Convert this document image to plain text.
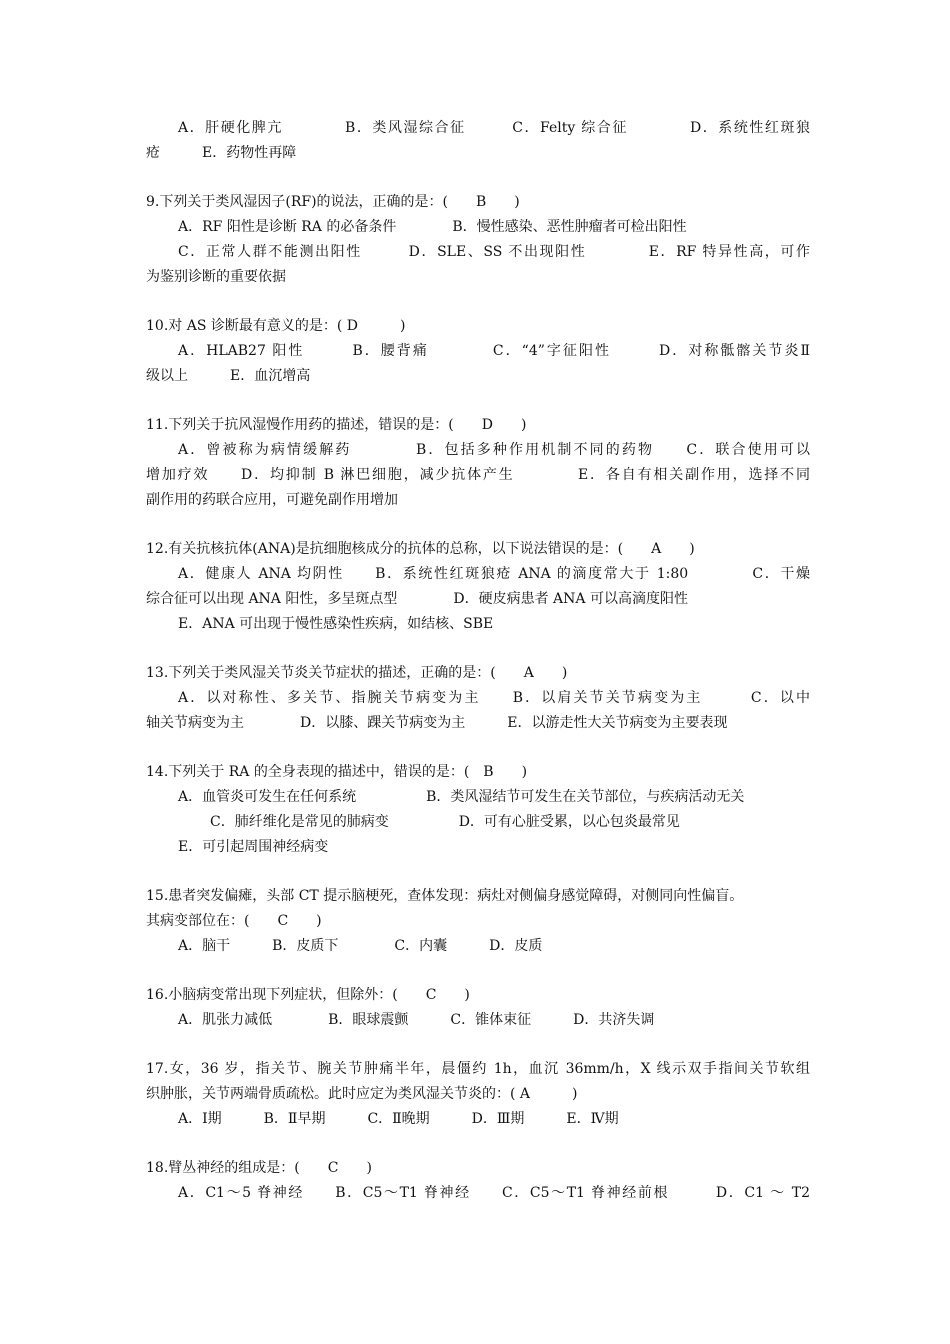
A．肝硬化脾亢　　　　B．类风湿综合征　　　C．Felty 综合征　　　　D．系统性红斑狼
疮　　　E．药物性再障
9.下列关于类风湿因子(RF)的说法，正确的是：(　　B　　)
A．RF 阳性是诊断 RA 的必备条件　　　　B．慢性感染、恶性肿瘤者可检出阳性
C．正常人群不能测出阳性　　　D．SLE、SS 不出现阳性　　　　E．RF 特异性高，可作
为鉴别诊断的重要依据
10.对 AS 诊断最有意义的是：( D　　　)
A．HLAB27 阳性　　　B．腰背痛　　　　C．“4”字征阳性　　　D．对称骶髂关节炎Ⅱ
级以上　　　E．血沉增高
11.下列关于抗风湿慢作用药的描述，错误的是：(　　D　　)
A．曾被称为病情缓解药　　　　B．包括多种作用机制不同的药物　　C．联合使用可以
增加疗效　　D．均抑制 B 淋巴细胞，减少抗体产生　　　　E．各自有相关副作用，选择不同
副作用的药联合应用，可避免副作用增加
12.有关抗核抗体(ANA)是抗细胞核成分的抗体的总称，以下说法错误的是：(　　A　　)
A．健康人 ANA 均阴性　　B．系统性红斑狼疮 ANA 的滴度常大于 1:80　　　　C．干燥
综合征可以出现 ANA 阳性，多呈斑点型　　　　D．硬皮病患者 ANA 可以高滴度阳性
E．ANA 可出现于慢性感染性疾病，如结核、SBE
13.下列关于类风湿关节炎关节症状的描述，正确的是：(　　A　　)
A．以对称性、多关节、指腕关节病变为主　　B．以肩关节关节病变为主　　　C．以中
轴关节病变为主　　　　D．以膝、踝关节病变为主　　　E．以游走性大关节病变为主要表现
14.下列关于 RA 的全身表现的描述中，错误的是：(　B　　)
A．血管炎可发生在任何系统　　　　　B．类风湿结节可发生在关节部位，与疾病活动无关
C．肺纤维化是常见的肺病变　　　　　D．可有心脏受累，以心包炎最常见
E．可引起周围神经病变
15.患者突发偏瘫，头部 CT 提示脑梗死，查体发现：病灶对侧偏身感觉障碍，对侧同向性偏盲。
其病变部位在：(　　C　　)
A．脑干　　　B．皮质下　　　　C．内囊　　　D．皮质
16.小脑病变常出现下列症状，但除外：(　　C　　)
A．肌张力减低　　　　B．眼球震颤　　　C．锥体束征　　　D．共济失调
17.女，36 岁，指关节、腕关节肿痛半年，晨僵约 1h，血沉 36mm/h，X 线示双手指间关节软组
织肿胀，关节两端骨质疏松。此时应定为类风湿关节炎的：( A　　　)
A．Ⅰ期　　　B．Ⅱ早期　　　C．Ⅱ晚期　　　D．Ⅲ期　　　E．Ⅳ期
18.臂丛神经的组成是：(　　C　　)
A．C1～5 脊神经　　B．C5～T1 脊神经　　C．C5～T1 脊神经前根　　　D．C1 ～ T2
